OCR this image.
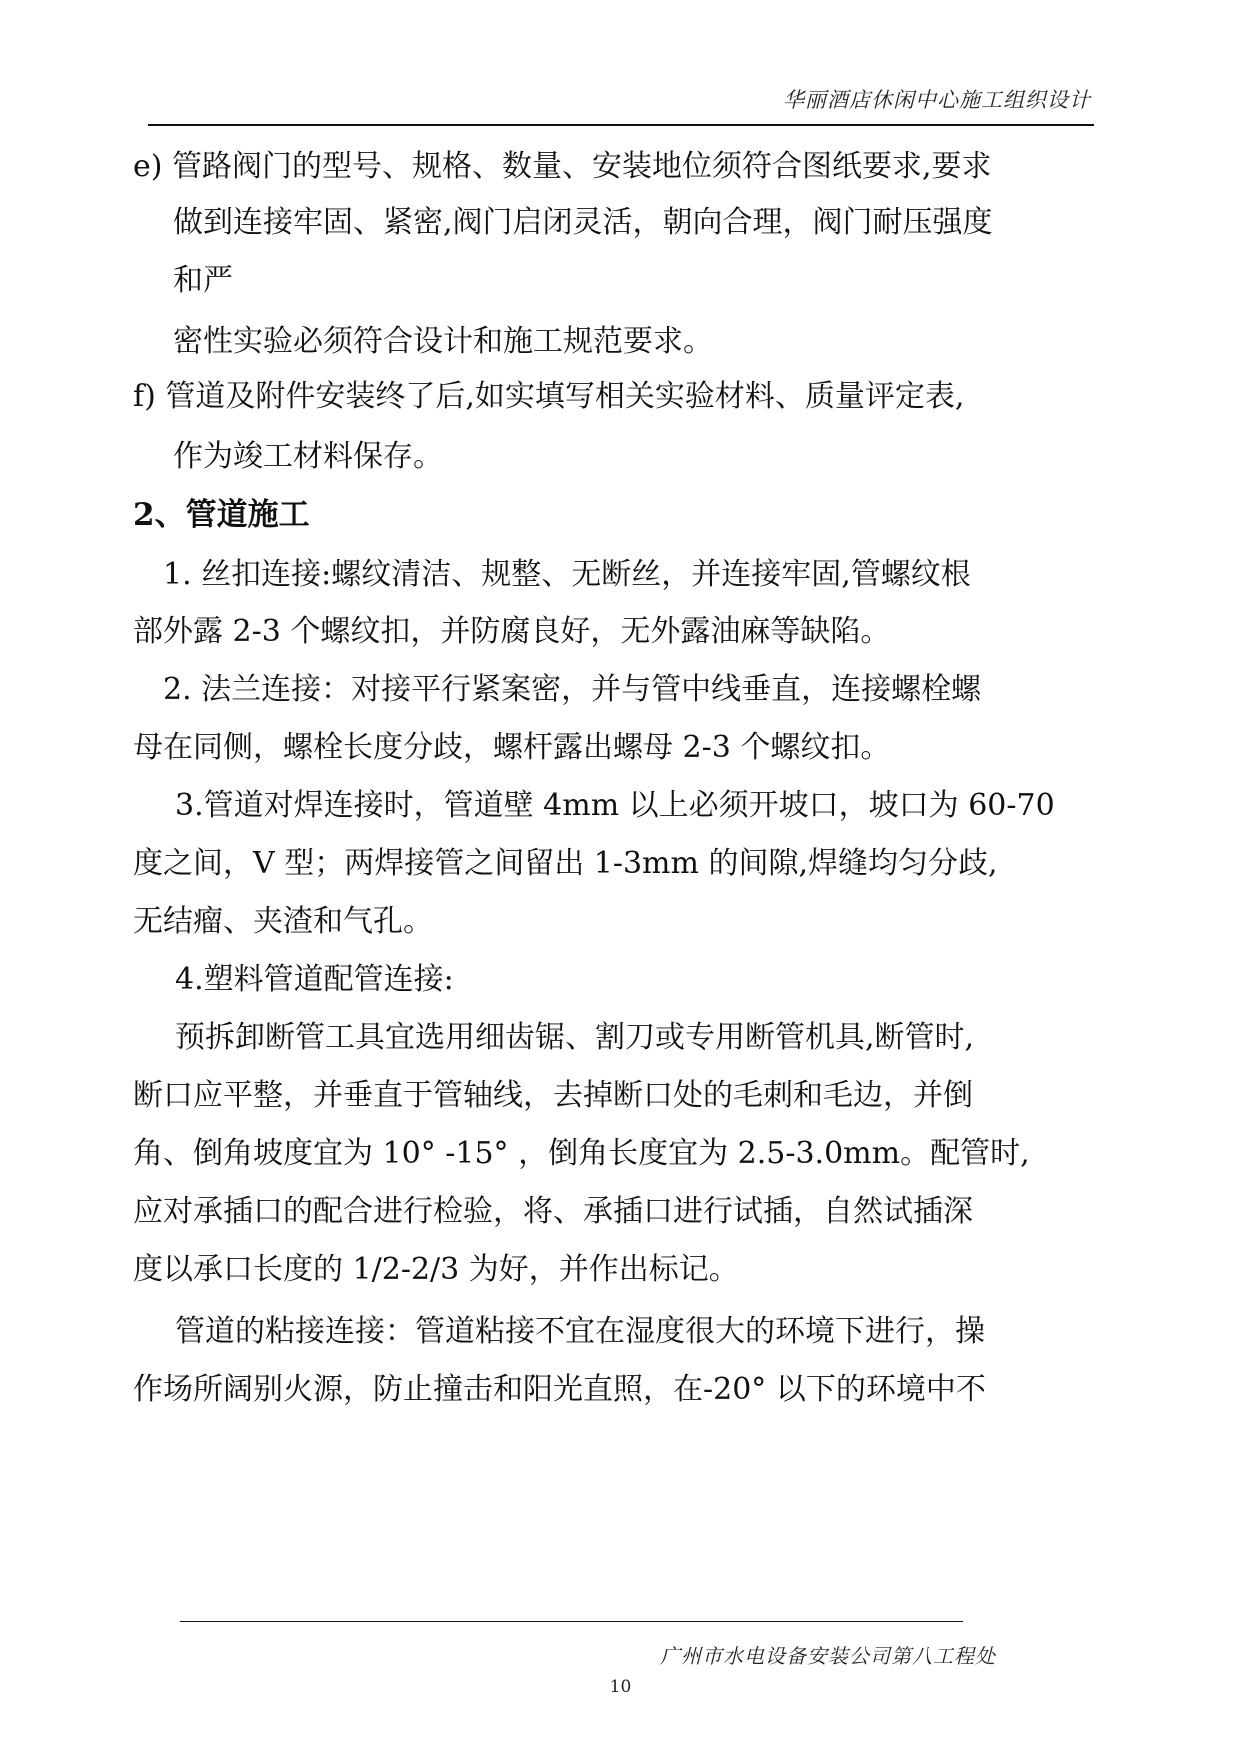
华丽酒店休闲中心施工组织设计
e) 管路阀门的型号、规格、数量、安装地位须符合图纸要求,要求
做到连接牢固、紧密,阀门启闭灵活，朝向合理，阀门耐压强度
和严
密性实验必须符合设计和施工规范要求。
f) 管道及附件安装终了后,如实填写相关实验材料、质量评定表,
作为竣工材料保存。
2、管道施工
1. 丝扣连接:螺纹清洁、规整、无断丝，并连接牢固,管螺纹根
部外露 2-3 个螺纹扣，并防腐良好，无外露油麻等缺陷。
2. 法兰连接：对接平行紧案密，并与管中线垂直，连接螺栓螺
母在同侧，螺栓长度分歧，螺杆露出螺母 2-3 个螺纹扣。
3.管道对焊连接时，管道壁 4mm 以上必须开坡口，坡口为 60-70
度之间，V 型；两焊接管之间留出 1-3mm 的间隙,焊缝均匀分歧,
无结瘤、夹渣和气孔。
4.塑料管道配管连接:
预拆卸断管工具宜选用细齿锯、割刀或专用断管机具,断管时,
断口应平整，并垂直于管轴线，去掉断口处的毛刺和毛边，并倒
角、倒角坡度宜为 10° -15° ，倒角长度宜为 2.5-3.0mm。配管时,
应对承插口的配合进行检验，将、承插口进行试插，自然试插深
度以承口长度的 1/2-2/3 为好，并作出标记。
管道的粘接连接：管道粘接不宜在湿度很大的环境下进行，操
作场所阔别火源，防止撞击和阳光直照，在-20° 以下的环境中不
广州市水电设备安装公司第八工程处
10
